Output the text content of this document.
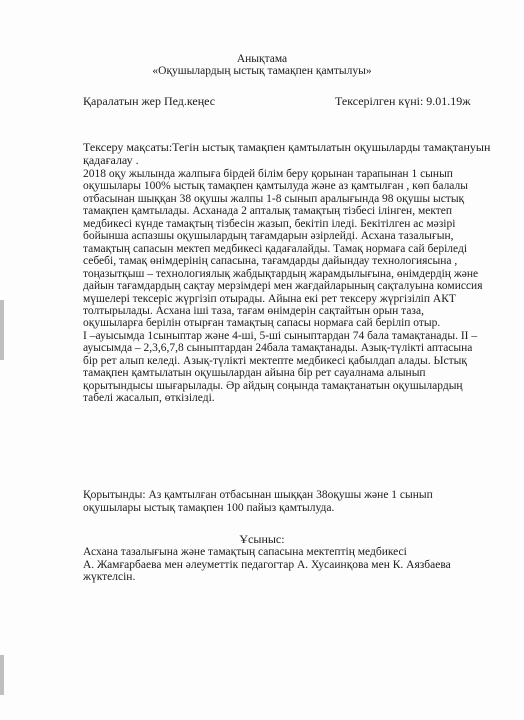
Анықтама

«Оқушылардың ыстық тамақпен қамтылуы»

Қаралатын жер Пед.кеңес	Тексерілген күні: 9.01.19ж

Тексеру мақсаты:Тегін ыстық тамақпен қамтылатын оқушыларды тамақтануын қадағалау .

2018 оқу жылында жалпыға бірдей білім беру қорынан тарапынан 1 сынып
оқушылары 100% ыстық тамақпен қамтылуда және аз қамтылған , көп балалы
отбасынан шыққан 38 оқушы жалпы 1-8 сынып аралығында 98 оқушы ыстық
тамақпен қамтылады. Асханада 2 апталық тамақтың тізбесі ілінген, мектеп
медбикесі күнде тамақтың тізбесін жазып, бекітіп іледі. Бекітілген ас мәзірі
бойынша аспазшы оқушылардың тағамдарын әзірлейді. Асхана тазалығын,
тамақтың сапасын мектеп медбикесі қадағалайды. Тамақ нормаға сай беріледі
себебі, тамақ өнімдерінің сапасына, тағамдарды дайындау технологиясына ,
тоңазытқыш – технологиялық жабдықтардың жарамдылығына, өнімдердің және
дайын тағамдардың сақтау мерзімдері мен жағдайларының сақталуына комиссия
мүшелері тексеріс жүргізіп отырады. Айына екі рет тексеру жүргізіліп АКТ
толтырылады. Асхана іші таза, тағам өнімдерін сақтайтын орын таза,
оқушыларға берілін отырған тамақтың сапасы нормаға сай беріліп отыр.
І –ауысымда 1сыныптар және 4-ші, 5-ші сыныптардан 74 бала тамақтанады. ІІ –
ауысымда – 2,3,6,7,8 сыныптардан 24бала тамақтанады. Азық-түлікті аптасына
бір рет алып келеді. Азық-түлікті мектепте медбикесі қабылдап алады. Ыстық
тамақпен қамтылатын оқушылардан айына бір рет сауалнама алынып
қорытындысы шығарылады. Әр айдың соңында тамақтанатын оқушылардың
табелі жасалып, өткізіледі.
Қорытынды: Аз қамтылған отбасынан шыққан 38оқушы және 1 сынып
оқушылары ыстық тамақпен 100 пайыз қамтылуда.

Ұсыныс:

Асхана тазалығына және тамақтың сапасына мектептің медбикесі
А. Жамғарбаева мен әлеуметтік педагогтар А. Хусаинқова мен К. Аязбаева
жүктелсін.
